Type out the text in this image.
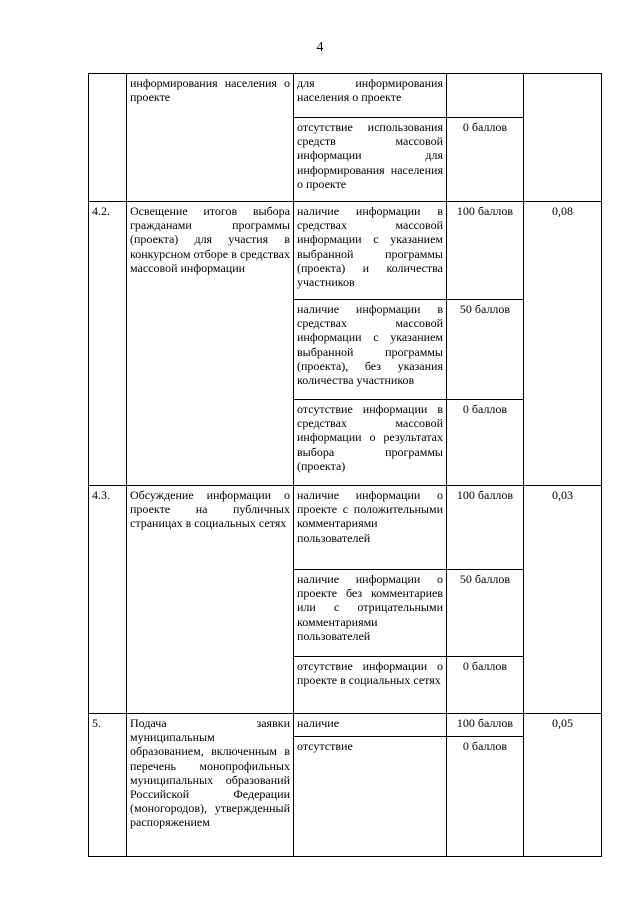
4
	информирования населения о проекте	для информирования населения о проекте		
		отсутствие использования средств массовой информации для информирования населения о проекте	0 баллов	
4.2.	Освещение итогов выбора гражданами программы (проекта) для участия в конкурсном отборе в средствах массовой информации	наличие информации в средствах массовой информации с указанием выбранной программы (проекта) и количества участников	100 баллов	0,08
		наличие информации в средствах массовой информации с указанием выбранной программы (проекта), без указания количества участников	50 баллов	
		отсутствие информации в средствах массовой информации о результатах выбора программы (проекта)	0 баллов	
4.3.	Обсуждение информации о проекте на публичных страницах в социальных сетях	наличие информации о проекте с положительными комментариями пользователей	100 баллов	0,03
		наличие информации о проекте без комментариев или с отрицательными комментариями пользователей	50 баллов	
		отсутствие информации о проекте в социальных сетях	0 баллов	
5.	Подача заявки муниципальным образованием, включенным в перечень монопрофильных муниципальных образований Российской Федерации (моногородов), утвержденный распоряжением	наличие	100 баллов	0,05
		отсутствие	0 баллов	
